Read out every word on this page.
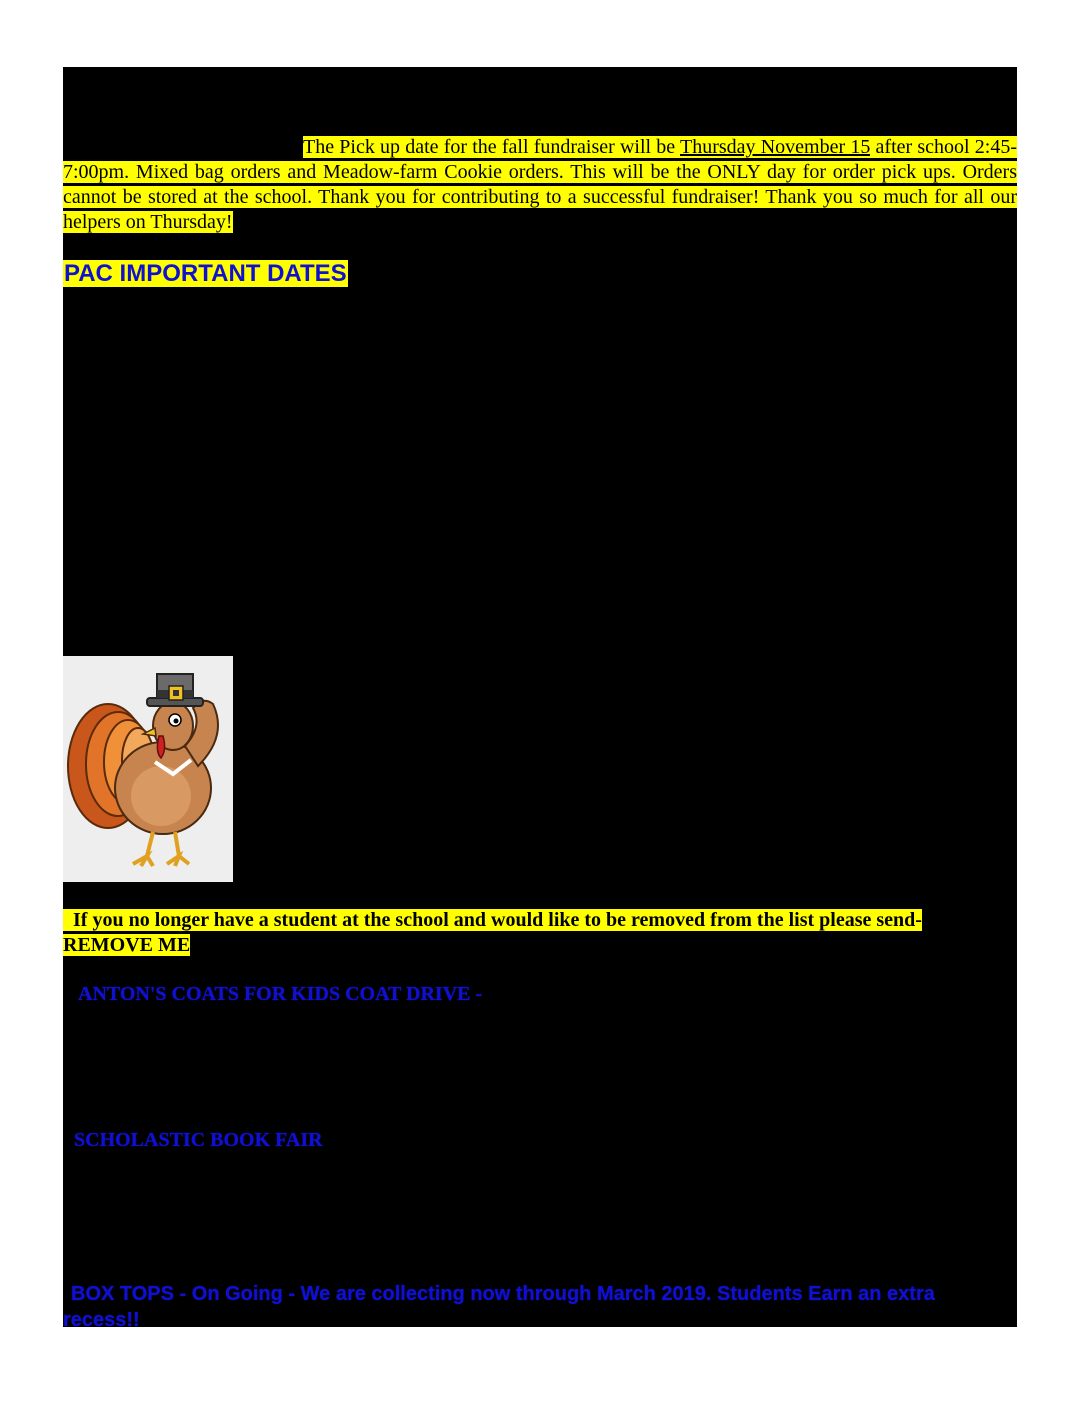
The Pick up date for the fall fundraiser will be Thursday November 15 after school 2:45-7:00pm. Mixed bag orders and Meadow-farm Cookie orders. This will be the ONLY day for order pick ups. Orders cannot be stored at the school. Thank you for contributing to a successful fundraiser! Thank you so much for all our helpers on Thursday!
PAC IMPORTANT DATES
If you no longer have a student at the school and would like to be removed from the list please send-
REMOVE ME
ANTON'S COATS FOR KIDS COAT DRIVE -
SCHOLASTIC BOOK FAIR
BOX TOPS - On Going - We are collecting now through March 2019. Students Earn an extra recess!!
